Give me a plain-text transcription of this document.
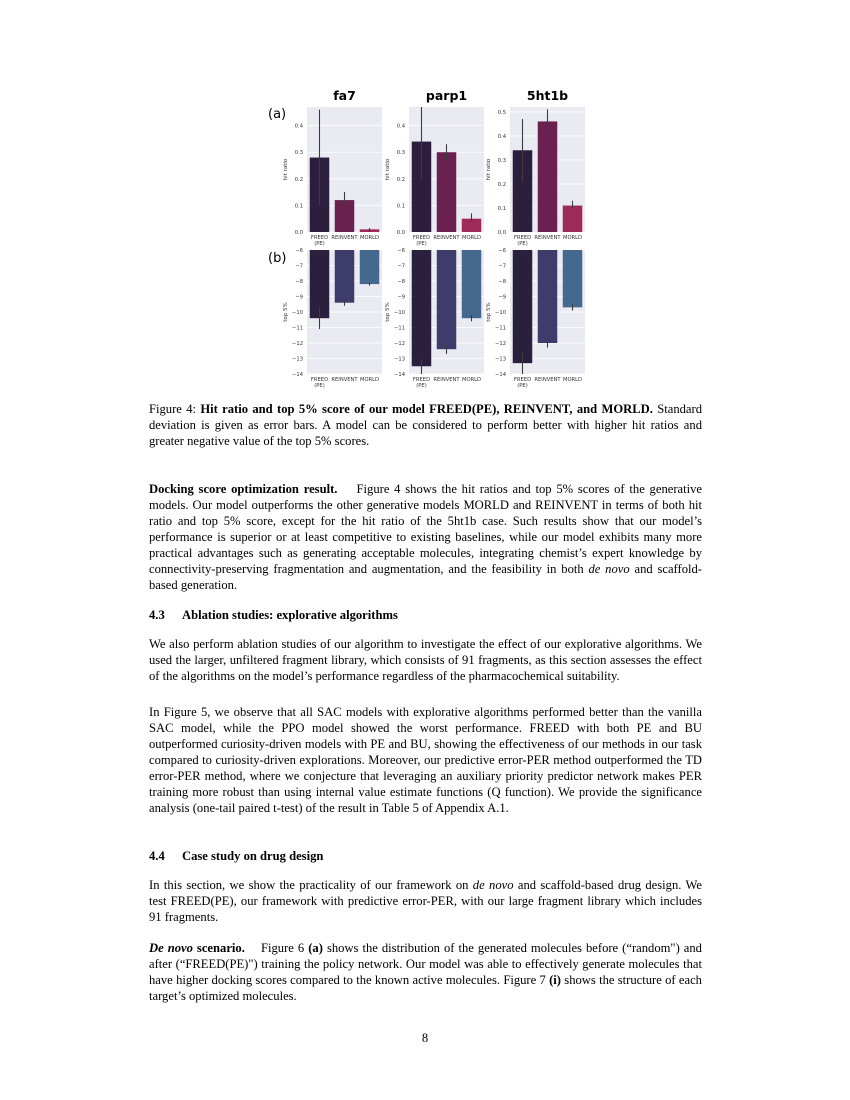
(a)
(b)
0.0
0.1
0.2
0.3
0.4
hit ratio
fa7
FREED
(PE)
REINVENT MORLD
0.0
0.1
0.2
0.3
0.4
hit ratio
parp1
FREED
(PE)
REINVENT MORLD
0.0
0.1
0.2
0.3
0.4
0.5
hit ratio
5ht1b
FREED
(PE)
REINVENT MORLD
−6
−7
−8
−9
−10
−11
−12
−13
−14
top 5%
FREED
(PE)
REINVENT MORLD
−6
−7
−8
−9
−10
−11
−12
−13
−14
top 5%
FREED
(PE)
REINVENT MORLD
−6
−7
−8
−9
−10
−11
−12
−13
−14
top 5%
FREED
(PE)
REINVENT MORLD
Figure 4: Hit ratio and top 5% score of our model FREED(PE), REINVENT, and MORLD. Standard deviation is given as error bars. A model can be considered to perform better with higher hit ratios and greater negative value of the top 5% scores.

Docking score optimization result. Figure 4 shows the hit ratios and top 5% scores of the generative models. Our model outperforms the other generative models MORLD and REINVENT in terms of both hit ratio and top 5% score, except for the hit ratio of the 5ht1b case. Such results show that our model’s performance is superior or at least competitive to existing baselines, while our model exhibits many more practical advantages such as generating acceptable molecules, integrating chemist’s expert knowledge by connectivity-preserving fragmentation and augmentation, and the feasibility in both de novo and scaffold-based generation.

4.3 Ablation studies: explorative algorithms

We also perform ablation studies of our algorithm to investigate the effect of our explorative algorithms. We used the larger, unfiltered fragment library, which consists of 91 fragments, as this section assesses the effect of the algorithms on the model’s performance regardless of the pharmacochemical suitability.

In Figure 5, we observe that all SAC models with explorative algorithms performed better than the vanilla SAC model, while the PPO model showed the worst performance. FREED with both PE and BU outperformed curiosity-driven models with PE and BU, showing the effectiveness of our methods in our task compared to curiosity-driven explorations. Moreover, our predictive error-PER method outperformed the TD error-PER method, where we conjecture that leveraging an auxiliary priority predictor network makes PER training more robust than using internal value estimate functions (Q function). We provide the significance analysis (one-tail paired t-test) of the result in Table 5 of Appendix A.1.

4.4 Case study on drug design

In this section, we show the practicality of our framework on de novo and scaffold-based drug design. We test FREED(PE), our framework with predictive error-PER, with our large fragment library which includes 91 fragments.

De novo scenario. Figure 6 (a) shows the distribution of the generated molecules before (“random") and after (“FREED(PE)") training the policy network. Our model was able to effectively generate molecules that have higher docking scores compared to the known active molecules. Figure 7 (i) shows the structure of each target’s optimized molecules.

8
